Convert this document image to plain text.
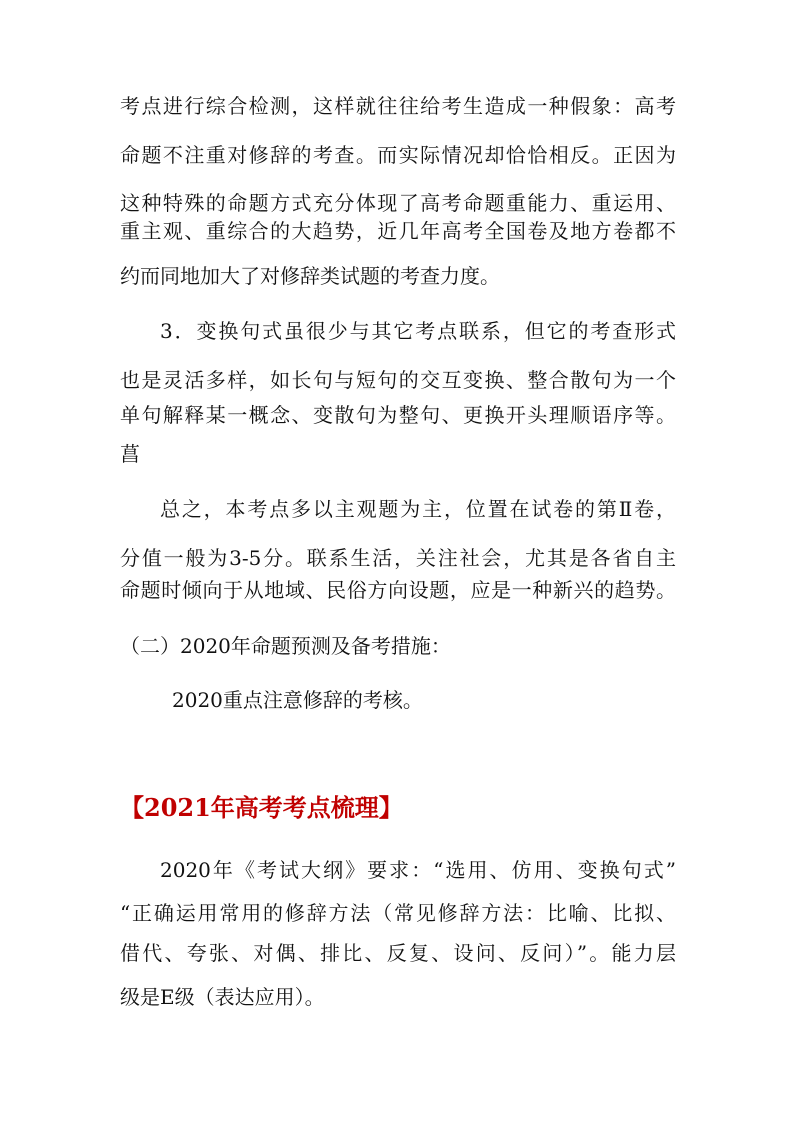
考点进行综合检测，这样就往往给考生造成一种假象：高考
命题不注重对修辞的考查。而实际情况却恰恰相反。正因为
这种特殊的命题方式充分体现了高考命题重能力、重运用、
重主观、重综合的大趋势，近几年高考全国卷及地方卷都不
约而同地加大了对修辞类试题的考查力度。
3．变换句式虽很少与其它考点联系，但它的考查形式
也是灵活多样，如长句与短句的交互变换、整合散句为一个
单句解释某一概念、变散句为整句、更换开头理顺语序等。
菖
总之，本考点多以主观题为主，位置在试卷的第Ⅱ卷，
分值一般为3-5分。联系生活，关注社会，尤其是各省自主
命题时倾向于从地域、民俗方向设题，应是一种新兴的趋势。
（二）2020年命题预测及备考措施：
2020重点注意修辞的考核。
【2021年高考考点梳理】
2020年《考试大纲》要求：“选用、仿用、变换句式”
“正确运用常用的修辞方法（常见修辞方法：比喻、比拟、
借代、夸张、对偶、排比、反复、设问、反问）”。能力层
级是E级（表达应用）。
